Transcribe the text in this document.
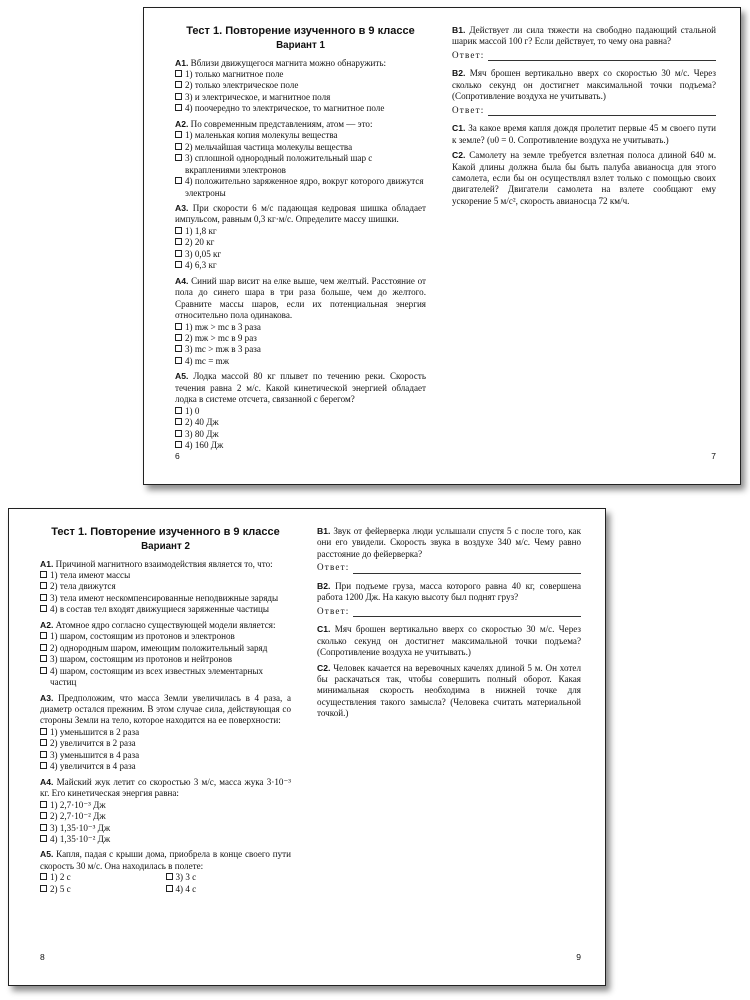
Тест 1. Повторение изученного в 9 классе
Вариант 1
А1. Вблизи движущегося магнита можно обнаружить:
1) только магнитное поле
2) только электрическое поле
3) и электрическое, и магнитное поля
4) поочередно то электрическое, то магнитное поле
А2. По современным представлениям, атом — это:
1) маленькая копия молекулы вещества
2) мельчайшая частица молекулы вещества
3) сплошной однородный положительный шар с вкраплениями электронов
4) положительно заряженное ядро, вокруг которого движутся электроны
А3. При скорости 6 м/с падающая кедровая шишка обладает импульсом, равным 0,3 кг·м/с. Определите массу шишки.
1) 1,8 кг
2) 20 кг
3) 0,05 кг
4) 6,3 кг
А4. Синий шар висит на елке выше, чем желтый. Расстояние от пола до синего шара в три раза больше, чем до желтого. Сравните массы шаров, если их потенциальная энергия относительно пола одинакова.
1) mж > mс в 3 раза
2) mж > mс в 9 раз
3) mс > mж в 3 раза
4) mс = mж
А5. Лодка массой 80 кг плывет по течению реки. Скорость течения равна 2 м/с. Какой кинетической энергией обладает лодка в системе отсчета, связанной с берегом?
1) 0
2) 40 Дж
3) 80 Дж
4) 160 Дж
6
В1. Действует ли сила тяжести на свободно падающий стальной шарик массой 100 г? Если действует, то чему она равна?
Ответ:
В2. Мяч брошен вертикально вверх со скоростью 30 м/с. Через сколько секунд он достигнет максимальной точки подъема? (Сопротивление воздуха не учитывать.)
Ответ:
С1. За какое время капля дождя пролетит первые 45 м своего пути к земле? (υ0 = 0. Сопротивление воздуха не учитывать.)
С2. Самолету на земле требуется взлетная полоса длиной 640 м. Какой длины должна была бы быть палуба авианосца для этого самолета, если бы он осуществлял взлет только с помощью своих двигателей? Двигатели самолета на взлете сообщают ему ускорение 5 м/с², скорость авианосца 72 км/ч.
7
Тест 1. Повторение изученного в 9 классе
Вариант 2
А1. Причиной магнитного взаимодействия является то, что:
1) тела имеют массы
2) тела движутся
3) тела имеют нескомпенсированные неподвижные заряды
4) в состав тел входят движущиеся заряженные частицы
А2. Атомное ядро согласно существующей модели является:
1) шаром, состоящим из протонов и электронов
2) однородным шаром, имеющим положительный заряд
3) шаром, состоящим из протонов и нейтронов
4) шаром, состоящим из всех известных элементарных частиц
А3. Предположим, что масса Земли увеличилась в 4 раза, а диаметр остался прежним. В этом случае сила, действующая со стороны Земли на тело, которое находится на ее поверхности:
1) уменьшится в 2 раза
2) увеличится в 2 раза
3) уменьшится в 4 раза
4) увеличится в 4 раза
А4. Майский жук летит со скоростью 3 м/с, масса жука 3·10⁻³ кг. Его кинетическая энергия равна:
1) 2,7·10⁻³ Дж
2) 2,7·10⁻² Дж
3) 1,35·10⁻³ Дж
4) 1,35·10⁻² Дж
А5. Капля, падая с крыши дома, приобрела в конце своего пути скорость 30 м/с. Она находилась в полете:
1) 2 с	3) 3 с
2) 5 с	4) 4 с
8
В1. Звук от фейерверка люди услышали спустя 5 с после того, как они его увидели. Скорость звука в воздухе 340 м/с. Чему равно расстояние до фейерверка?
Ответ:
В2. При подъеме груза, масса которого равна 40 кг, совершена работа 1200 Дж. На какую высоту был поднят груз?
Ответ:
С1. Мяч брошен вертикально вверх со скоростью 30 м/с. Через сколько секунд он достигнет максимальной точки подъема? (Сопротивление воздуха не учитывать.)
С2. Человек качается на веревочных качелях длиной 5 м. Он хотел бы раскачаться так, чтобы совершить полный оборот. Какая минимальная скорость необходима в нижней точке для осуществления такого замысла? (Человека считать материальной точкой.)
9
